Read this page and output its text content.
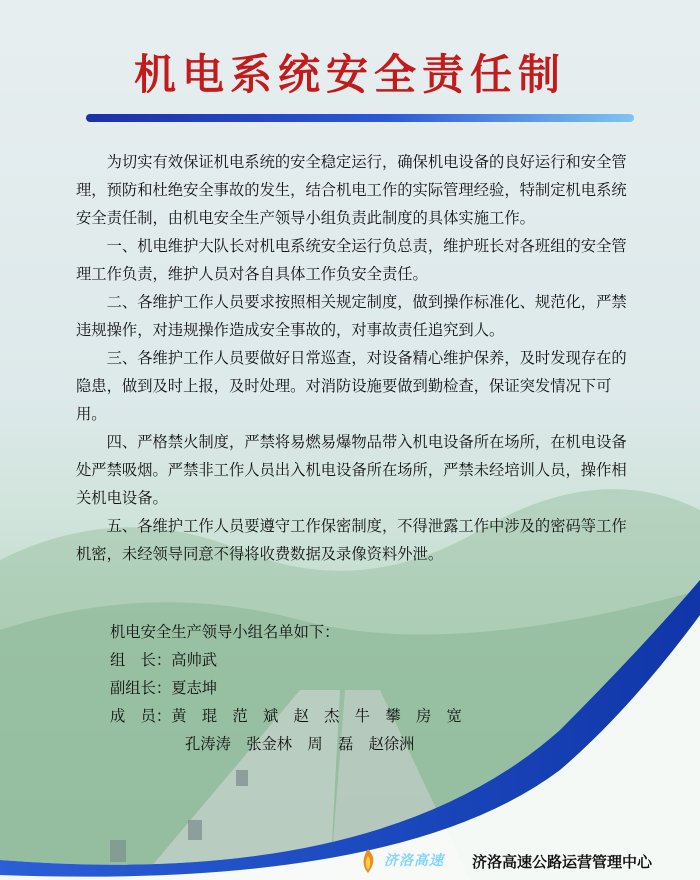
机电系统安全责任制

为切实有效保证机电系统的安全稳定运行，确保机电设备的良好运行和安全管理，预防和杜绝安全事故的发生，结合机电工作的实际管理经验，特制定机电系统安全责任制，由机电安全生产领导小组负责此制度的具体实施工作。

一、机电维护大队长对机电系统安全运行负总责，维护班长对各班组的安全管理工作负责，维护人员对各自具体工作负安全责任。

二、各维护工作人员要求按照相关规定制度，做到操作标准化、规范化，严禁违规操作，对违规操作造成安全事故的，对事故责任追究到人。

三、各维护工作人员要做好日常巡查，对设备精心维护保养，及时发现存在的隐患，做到及时上报，及时处理。对消防设施要做到勤检查，保证突发情况下可用。

四、严格禁火制度，严禁将易燃易爆物品带入机电设备所在场所，在机电设备处严禁吸烟。严禁非工作人员出入机电设备所在场所，严禁未经培训人员，操作相关机电设备。

五、各维护工作人员要遵守工作保密制度，不得泄露工作中涉及的密码等工作机密，未经领导同意不得将收费数据及录像资料外泄。

机电安全生产领导小组名单如下：
组　长：高帅武
副组长：夏志坤
成　员：黄　琨　范　斌　赵　杰　牛　攀　房　宽
孔涛涛　张金林　周　磊　赵徐洲
济洛高速 济洛高速公路运营管理中心
